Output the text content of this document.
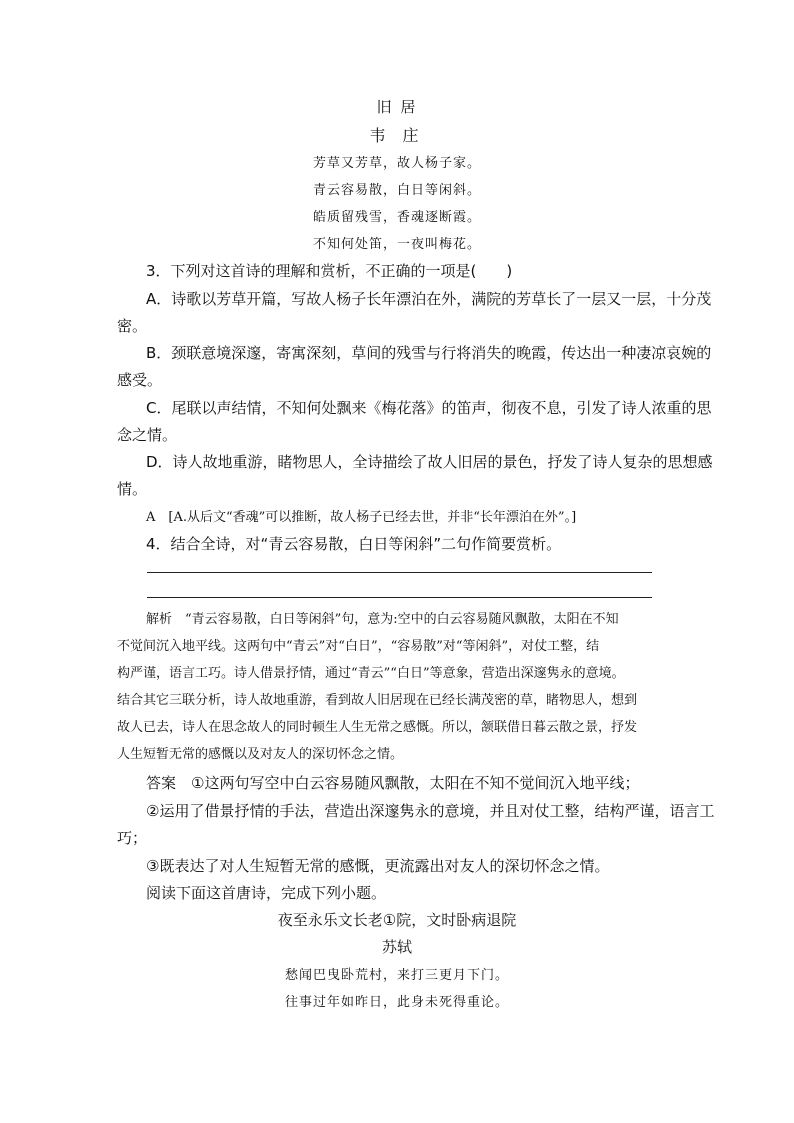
旧 居
韦 庄
芳草又芳草，故人杨子家。
青云容易散，白日等闲斜。
皓质留残雪，香魂逐断霞。
不知何处笛，一夜叫梅花。
3．下列对这首诗的理解和赏析，不正确的一项是(　　)
A．诗歌以芳草开篇，写故人杨子长年漂泊在外，满院的芳草长了一层又一层，十分茂
密。
B．颈联意境深邃，寄寓深刻，草间的残雪与行将消失的晚霞，传达出一种凄凉哀婉的
感受。
C．尾联以声结情，不知何处飘来《梅花落》的笛声，彻夜不息，引发了诗人浓重的思
念之情。
D．诗人故地重游，睹物思人，全诗描绘了故人旧居的景色，抒发了诗人复杂的思想感
情。
A　[A.从后文“香魂”可以推断，故人杨子已经去世，并非“长年漂泊在外”。]
4．结合全诗，对“青云容易散，白日等闲斜”二句作简要赏析。
解析　“青云容易散，白日等闲斜”句，意为:空中的白云容易随风飘散，太阳在不知
不觉间沉入地平线。这两句中“青云”对“白日”，“容易散”对“等闲斜”，对仗工整，结
构严谨，语言工巧。诗人借景抒情，通过“青云”“白日”等意象，营造出深邃隽永的意境。
结合其它三联分析，诗人故地重游，看到故人旧居现在已经长满茂密的草，睹物思人，想到
故人已去，诗人在思念故人的同时顿生人生无常之感慨。所以，颔联借日暮云散之景，抒发
人生短暂无常的感慨以及对友人的深切怀念之情。
答案　①这两句写空中白云容易随风飘散，太阳在不知不觉间沉入地平线；
②运用了借景抒情的手法，营造出深邃隽永的意境，并且对仗工整，结构严谨，语言工
巧；
③既表达了对人生短暂无常的感慨，更流露出对友人的深切怀念之情。
阅读下面这首唐诗，完成下列小题。
夜至永乐文长老①院，文时卧病退院
苏轼
愁闻巴曳卧荒村，来打三更月下门。
往事过年如昨日，此身未死得重论。
